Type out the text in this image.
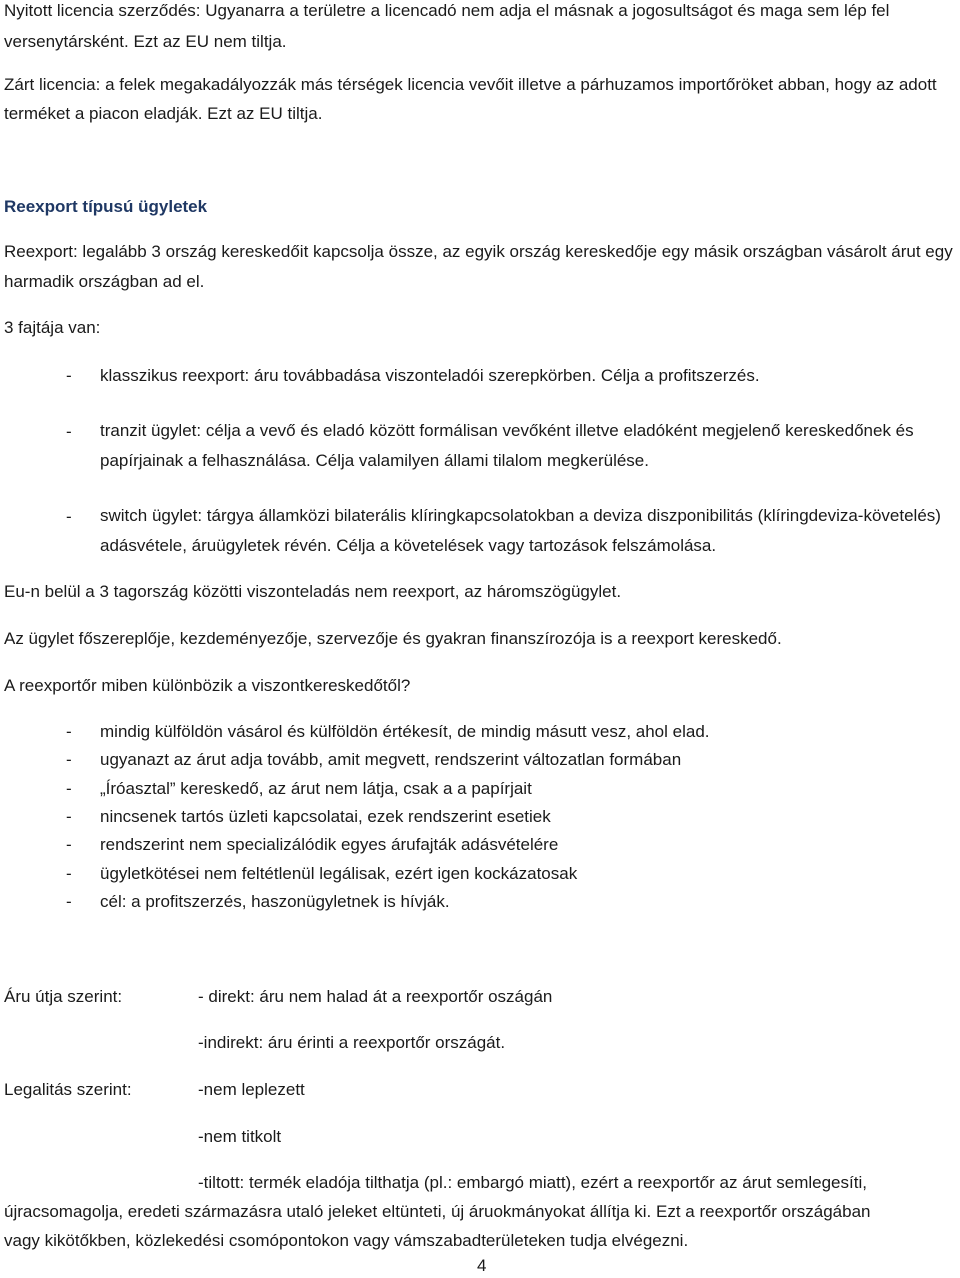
Nyitott licencia szerződés: Ugyanarra a területre a licencadó nem adja el másnak a jogosultságot és maga sem lép fel versenytársként. Ezt az EU nem tiltja.

Zárt licencia: a felek megakadályozzák más térségek licencia vevőit illetve a párhuzamos importőröket abban, hogy az adott terméket a piacon eladják. Ezt az EU tiltja.

Reexport típusú ügyletek

Reexport: legalább 3 ország kereskedőit kapcsolja össze, az egyik ország kereskedője egy másik országban vásárolt árut egy harmadik országban ad el.

3 fajtája van:

- klasszikus reexport: áru továbbadása viszonteladói szerepkörben. Célja a profitszerzés.

- tranzit ügylet: célja a vevő és eladó között formálisan vevőként illetve eladóként megjelenő kereskedőnek és papírjainak a felhasználása. Célja valamilyen állami tilalom megkerülése.

- switch ügylet: tárgya államközi bilaterális klíringkapcsolatokban a deviza diszponibilitás (klíringdeviza-követelés) adásvétele, áruügyletek révén. Célja a követelések vagy tartozások felszámolása.

Eu-n belül a 3 tagország közötti viszonteladás nem reexport, az háromszögügylet.

Az ügylet főszereplője, kezdeményezője, szervezője és gyakran finanszírozója is a reexport kereskedő.

A reexportőr miben különbözik a viszontkereskedőtől?

- mindig külföldön vásárol és külföldön értékesít, de mindig másutt vesz, ahol elad.

- ugyanazt az árut adja tovább, amit megvett, rendszerint változatlan formában

- „Íróasztal” kereskedő, az árut nem látja, csak a a papírjait

- nincsenek tartós üzleti kapcsolatai, ezek rendszerint esetiek

- rendszerint nem specializálódik egyes árufajták adásvételére

- ügyletkötései nem feltétlenül legálisak, ezért igen kockázatosak

- cél: a profitszerzés, haszonügyletnek is hívják.

Áru útja szerint:	- direkt: áru nem halad át a reexportőr oszágán

-indirekt: áru érinti a reexportőr országát.

Legalitás szerint:	-nem leplezett

-nem titkolt

-tiltott: termék eladója tilthatja (pl.: embargó miatt), ezért a reexportőr az árut semlegesíti,

újracsomagolja, eredeti származásra utaló jeleket eltünteti, új áruokmányokat állítja ki. Ezt a reexportőr országában

vagy kikötőkben, közlekedési csomópontokon vagy vámszabadterületeken tudja elvégezni.

4
